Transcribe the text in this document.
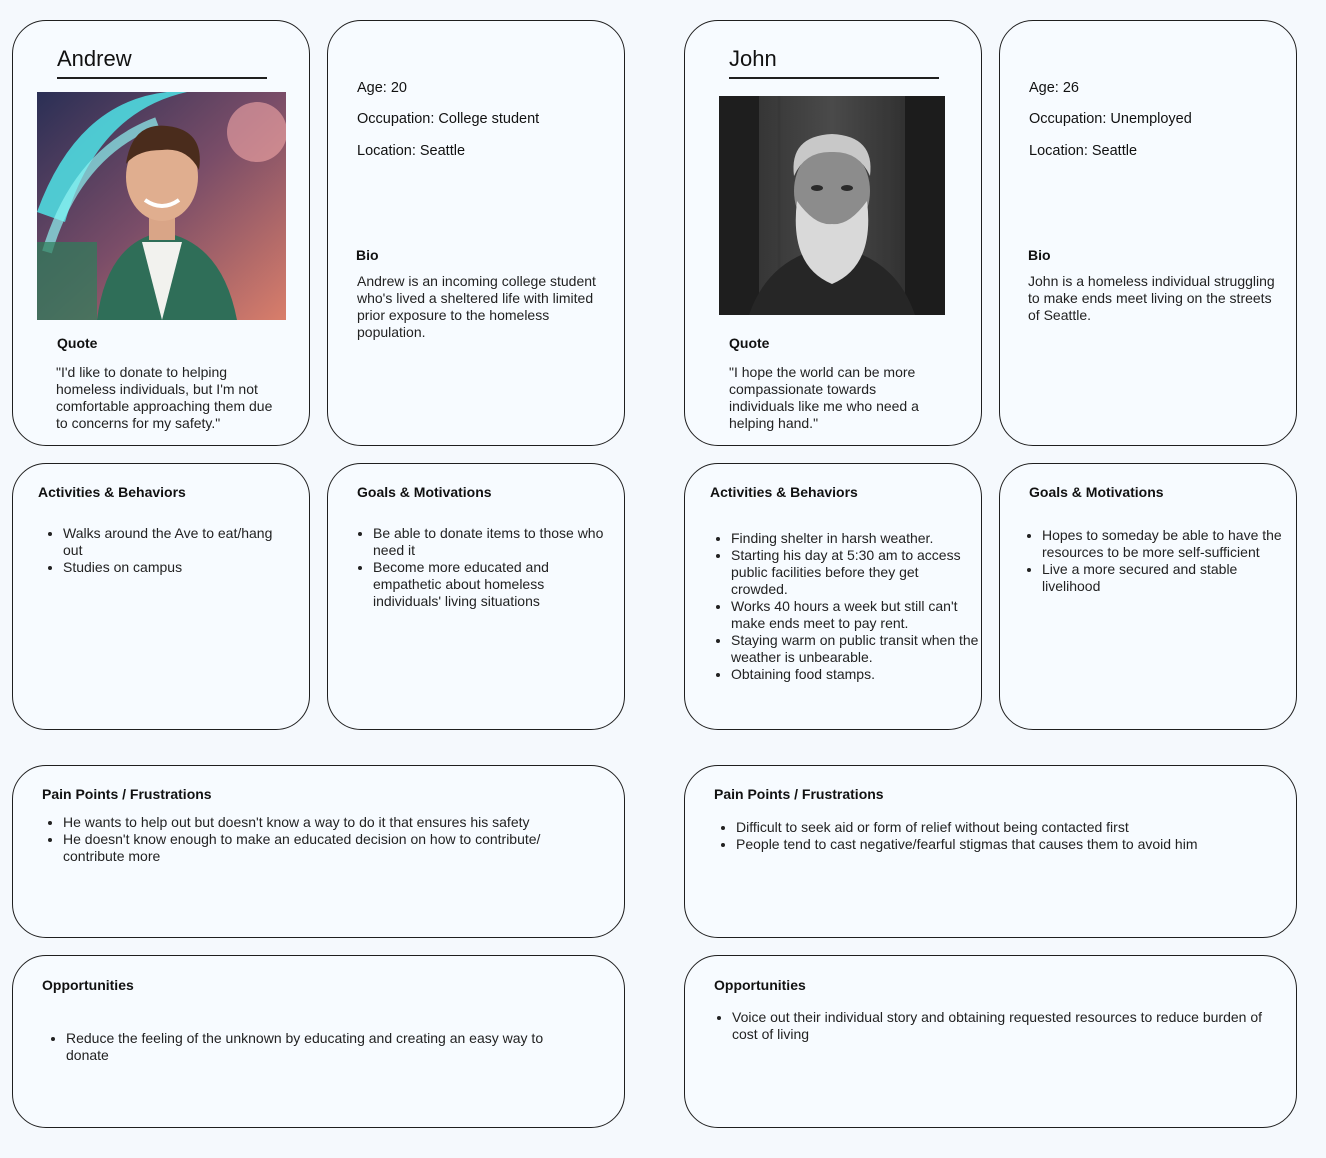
Andrew
Quote
"I'd like to donate to helping homeless individuals, but I'm not comfortable approaching them due to concerns for my safety."
Age: 20
Occupation: College student
Location: Seattle
Bio
Andrew is an incoming college student who's lived a sheltered life with limited prior exposure to the homeless population.
Activities & Behaviors
• Walks around the Ave to eat/hang out
• Studies on campus
Goals & Motivations
• Be able to donate items to those who need it
• Become more educated and empathetic about homeless individuals' living situations
Pain Points / Frustrations
• He wants to help out but doesn't know a way to do it that ensures his safety
• He doesn't know enough to make an educated decision on how to contribute/ contribute more
Opportunities
• Reduce the feeling of the unknown by educating and creating an easy way to donate
John
Quote
"I hope the world can be more compassionate towards individuals like me who need a helping hand."
Age: 26
Occupation: Unemployed
Location: Seattle
Bio
John is a homeless individual struggling to make ends meet living on the streets of Seattle.
Activities & Behaviors
• Finding shelter in harsh weather.
• Starting his day at 5:30 am to access public facilities before they get crowded.
• Works 40 hours a week but still can't make ends meet to pay rent.
• Staying warm on public transit when the weather is unbearable.
• Obtaining food stamps.
Goals & Motivations
• Hopes to someday be able to have the resources to be more self-sufficient
• Live a more secured and stable livelihood
Pain Points / Frustrations
• Difficult to seek aid or form of relief without being contacted first
• People tend to cast negative/fearful stigmas that causes them to avoid him
Opportunities
• Voice out their individual story and obtaining requested resources to reduce burden of cost of living
